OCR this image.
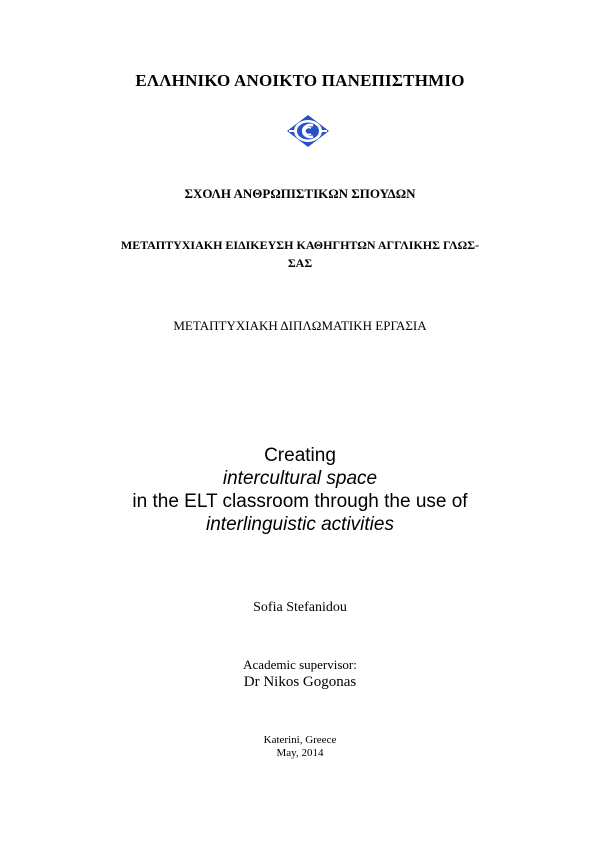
ΕΛΛΗΝΙΚΟ ΑΝΟΙΚΤΟ ΠΑΝΕΠΙΣΤΗΜΙΟ
ΣΧΟΛΗ ΑΝΘΡΩΠΙΣΤΙΚΩΝ ΣΠΟΥΔΩΝ
ΜΕΤΑΠΤΥΧΙΑΚΗ ΕΙΔΙΚΕΥΣΗ ΚΑΘΗΓΗΤΩΝ ΑΓΓΛΙΚΗΣ ΓΛΩΣ-
ΣΑΣ
ΜΕΤΑΠΤΥΧΙΑΚΗ ΔΙΠΛΩΜΑΤΙΚΗ ΕΡΓΑΣΙΑ
Creating
intercultural space
in the ELT classroom through the use of
interlinguistic activities
Sofia Stefanidou
Academic supervisor:
Dr Nikos Gogonas
Katerini, Greece
May, 2014
